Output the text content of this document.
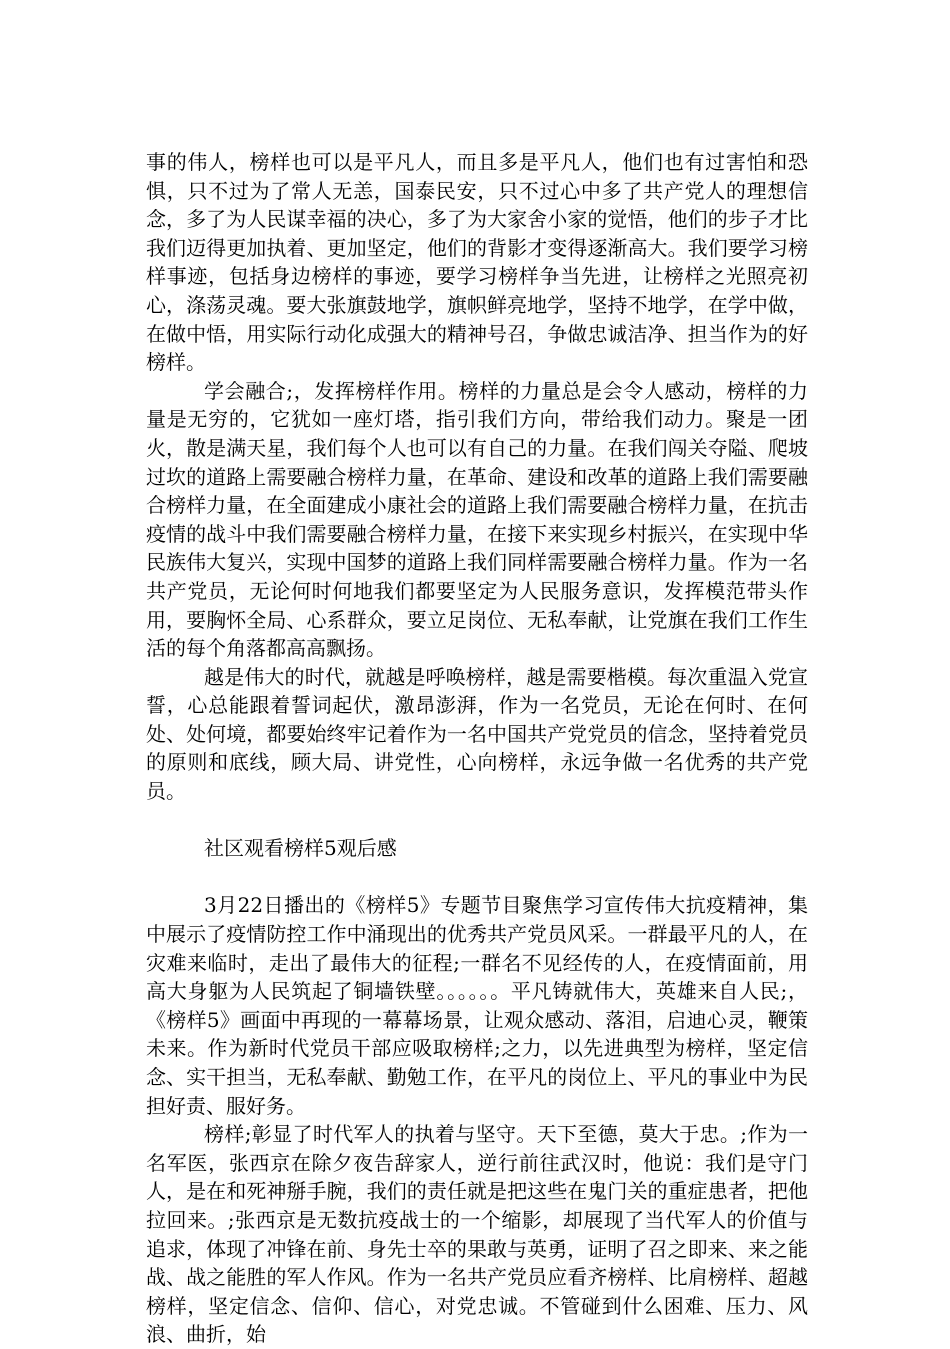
事的伟人，榜样也可以是平凡人，而且多是平凡人，他们也有过害怕和恐惧，只不过为了常人无恙，国泰民安，只不过心中多了共产党人的理想信念，多了为人民谋幸福的决心，多了为大家舍小家的觉悟，他们的步子才比我们迈得更加执着、更加坚定，他们的背影才变得逐渐高大。我们要学习榜样事迹，包括身边榜样的事迹，要学习榜样争当先进，让榜样之光照亮初心，涤荡灵魂。要大张旗鼓地学，旗帜鲜亮地学，坚持不地学，在学中做，在做中悟，用实际行动化成强大的精神号召，争做忠诚洁净、担当作为的好榜样。

学会融合;，发挥榜样作用。榜样的力量总是会令人感动，榜样的力量是无穷的，它犹如一座灯塔，指引我们方向，带给我们动力。聚是一团火，散是满天星，我们每个人也可以有自己的力量。在我们闯关夺隘、爬坡过坎的道路上需要融合榜样力量，在革命、建设和改革的道路上我们需要融合榜样力量，在全面建成小康社会的道路上我们需要融合榜样力量，在抗击疫情的战斗中我们需要融合榜样力量，在接下来实现乡村振兴，在实现中华民族伟大复兴，实现中国梦的道路上我们同样需要融合榜样力量。作为一名共产党员，无论何时何地我们都要坚定为人民服务意识，发挥模范带头作用，要胸怀全局、心系群众，要立足岗位、无私奉献，让党旗在我们工作生活的每个角落都高高飘扬。

越是伟大的时代，就越是呼唤榜样，越是需要楷模。每次重温入党宣誓，心总能跟着誓词起伏，激昂澎湃，作为一名党员，无论在何时、在何处、处何境，都要始终牢记着作为一名中国共产党党员的信念，坚持着党员的原则和底线，顾大局、讲党性，心向榜样，永远争做一名优秀的共产党员。

社区观看榜样5观后感

3月22日播出的《榜样5》专题节目聚焦学习宣传伟大抗疫精神，集中展示了疫情防控工作中涌现出的优秀共产党员风采。一群最平凡的人，在灾难来临时，走出了最伟大的征程;一群名不见经传的人，在疫情面前，用高大身躯为人民筑起了铜墙铁壁。。。。。。平凡铸就伟大，英雄来自人民;，《榜样5》画面中再现的一幕幕场景，让观众感动、落泪，启迪心灵，鞭策未来。作为新时代党员干部应吸取榜样;之力，以先进典型为榜样，坚定信念、实干担当，无私奉献、勤勉工作，在平凡的岗位上、平凡的事业中为民担好责、服好务。

榜样;彰显了时代军人的执着与坚守。天下至德，莫大于忠。;作为一名军医，张西京在除夕夜告辞家人，逆行前往武汉时，他说：我们是守门人，是在和死神掰手腕，我们的责任就是把这些在鬼门关的重症患者，把他拉回来。;张西京是无数抗疫战士的一个缩影，却展现了当代军人的价值与追求，体现了冲锋在前、身先士卒的果敢与英勇，证明了召之即来、来之能战、战之能胜的军人作风。作为一名共产党员应看齐榜样、比肩榜样、超越榜样，坚定信念、信仰、信心，对党忠诚。不管碰到什么困难、压力、风浪、曲折，始
